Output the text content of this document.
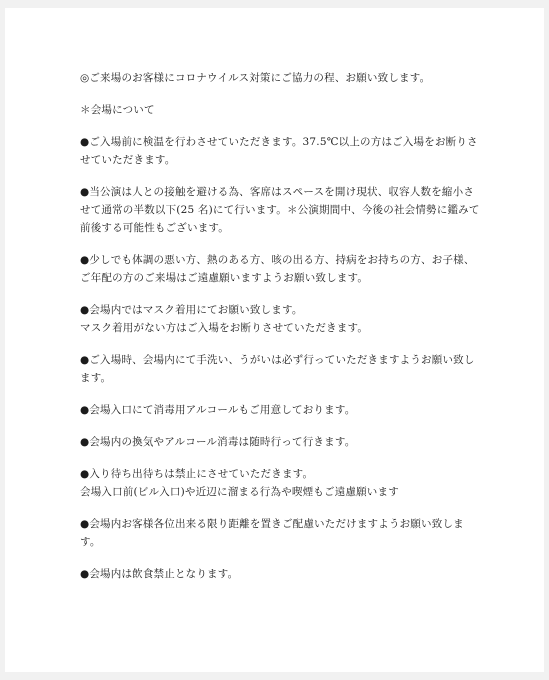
◎ご来場のお客様にコロナウイルス対策にご協力の程、お願い致します。

＊会場について

●ご入場前に検温を行わさせていただきます。37.5℃以上の方はご入場をお断りさせていただきます。

●当公演は人との接触を避ける為、客席はスペースを開け現状、収容人数を縮小させて通常の半数以下(25 名)にて行います。＊公演期間中、今後の社会情勢に鑑みて前後する可能性もございます。

●少しでも体調の悪い方、熱のある方、咳の出る方、持病をお持ちの方、お子様、ご年配の方のご来場はご遠慮願いますようお願い致します。

●会場内ではマスク着用にてお願い致します。
マスク着用がない方はご入場をお断りさせていただきます。

●ご入場時、会場内にて手洗い、うがいは必ず行っていただきますようお願い致します。

●会場入口にて消毒用アルコールもご用意しております。

●会場内の換気やアルコール消毒は随時行って行きます。

●入り待ち出待ちは禁止にさせていただきます。
会場入口前(ビル入口)や近辺に溜まる行為や喫煙もご遠慮願います

●会場内お客様各位出来る限り距離を置きご配慮いただけますようお願い致します。

●会場内は飲食禁止となります。
